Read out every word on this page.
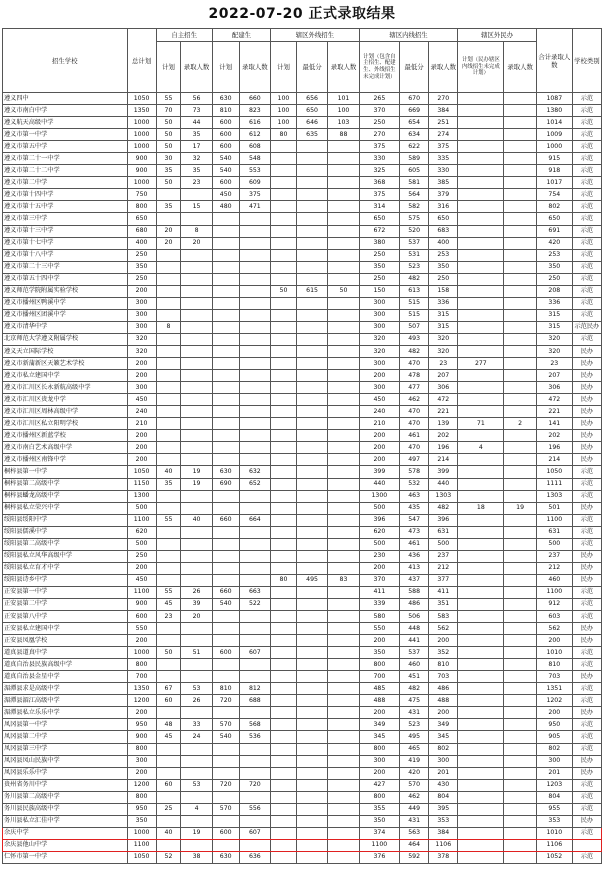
2022-07-20 正式录取结果
招生学校	总计划	自主招生		配建生		辖区外线招生			辖区内线招生			辖区外民办		合计录取人数	学校类别
		计划	录取人数	计划	录取人数	计划	最低分	录取人数	计划（包含自主招生、配建生、外线招生未完成计划）	最低分	录取人数	计划（民办辖区内线招生未完成计划）	录取人数		

遵义四中	1050	55	56	630	660	100	656	101	265	670	270			1087	示范
遵义市南白中学	1350	70	73	810	823	100	650	100	370	669	384			1380	示范
遵义航天高级中学	1000	50	44	600	616	100	646	103	250	654	251			1014	示范
遵义市第一中学	1000	50	35	600	612	80	635	88	270	634	274			1009	示范
遵义市第五中学	1000	50	17	600	608				375	622	375			1000	示范
遵义市第二十一中学	900	30	32	540	548				330	589	335			915	示范
遵义市第二十二中学	900	35	35	540	553				325	605	330			918	示范
遵义市第二中学	1000	50	23	600	609				368	581	385			1017	示范
遵义市第十四中学	750			450	375				375	564	379			754	示范
遵义市第十五中学	800	35	15	480	471				314	582	316			802	示范
遵义市第三中学	650								650	575	650			650	示范
遵义市第十三中学	680	20	8						672	520	683			691	示范
遵义市第十七中学	400	20	20						380	537	400			420	示范
遵义市第十八中学	250								250	531	253			253	示范
遵义市第二十三中学	350								350	523	350			350	示范
遵义市第五十四中学	250								250	482	250			250	示范
遵义师范学院附属实验学校	200					50	615	50	150	613	158			208	示范
遵义市播州区鸭溪中学	300								300	515	336			336	示范
遵义市播州区团溪中学	300								300	515	315			315	示范
遵义市清华中学	300	8							300	507	315			315	示范民办
北京师范大学遵义附属学校	320								320	493	320			320	示范
遵义天立国际学校	320								320	482	320			320	民办
遵义市新蒲新区天籁艺术学校	200								300	470	23	277		23	民办
遵义市私立建国中学	200								200	478	207			207	民办
遵义市汇川区长永新航高级中学	300								300	477	306			306	民办
遵义市汇川区贵龙中学	450								450	462	472			472	民办
遵义市汇川区周林高级中学	240								240	470	221			221	民办
遵义市汇川区私立阳明学校	210								210	470	139	71	2	141	民办
遵义市播州区新蓝学校	200								200	461	202			202	民办
遵义市南白艺术高级中学	200								200	470	196	4		196	民办
遵义市播州区南锋中学	200								200	497	214			214	民办
桐梓县第一中学	1050	40	19	630	632				399	578	399			1050	示范
桐梓县第二高级中学	1150	35	19	690	652				440	532	440			1111	示范
桐梓县蟠龙高级中学	1300								1300	463	1303			1303	示范
桐梓县私立荣兴中学	500								500	435	482	18	19	501	民办
绥阳县绥阳中学	1100	55	40	660	664				396	547	396			1100	示范
绥阳县儒溪中学	620								620	473	631			631	示范
绥阳县第二高级中学	500								500	461	500			500	示范
绥阳县私立风华高级中学	250								230	436	237			237	民办
绥阳县私立育才中学	200								200	413	212			212	民办
绥阳县诗乡中学	450					80	495	83	370	437	377			460	民办
正安县第一中学	1100	55	26	660	663				411	588	411			1100	示范
正安县第二中学	900	45	39	540	522				339	486	351			912	示范
正安县第八中学	600	23	20						580	506	583			603	示范
正安县私立建国中学	550								550	448	562			562	民办
正安县凤凰学校	200								200	441	200			200	民办
道真县道真中学	1000	50	51	600	607				350	537	352			1010	示范
道真自治县民族高级中学	800								800	460	810			810	示范
道真自治县金星中学	700								700	451	703			703	民办
湄潭县求是高级中学	1350	67	53	810	812				485	482	486			1351	示范
湄潭县湄江高级中学	1200	60	26	720	688				488	475	488			1202	示范
湄潭县私立乐乐中学	200								200	431	200			200	民办
凤冈县第一中学	950	48	33	570	568				349	523	349			950	示范
凤冈县第二中学	900	45	24	540	536				345	495	345			905	示范
凤冈县第三中学	800								800	465	802			802	示范
凤冈县凤山民族中学	300								300	419	300			300	民办
凤冈县乐乐中学	200								200	420	201			201	民办
贵州省务川中学	1200	60	53	720	720				427	570	430			1203	示范
务川县第二高级中学	800								800	462	804			804	示范
务川县民族高级中学	950	25	4	570	556				355	449	395			955	示范
务川县私立汇佳中学	350								350	431	353			353	民办
余庆中学	1000	40	19	600	607				374	563	384			1010	示范
余庆县他山中学	1100								1100	464	1106			1106	
仁怀市第一中学	1050	52	38	630	636				376	592	378			1052	示范
